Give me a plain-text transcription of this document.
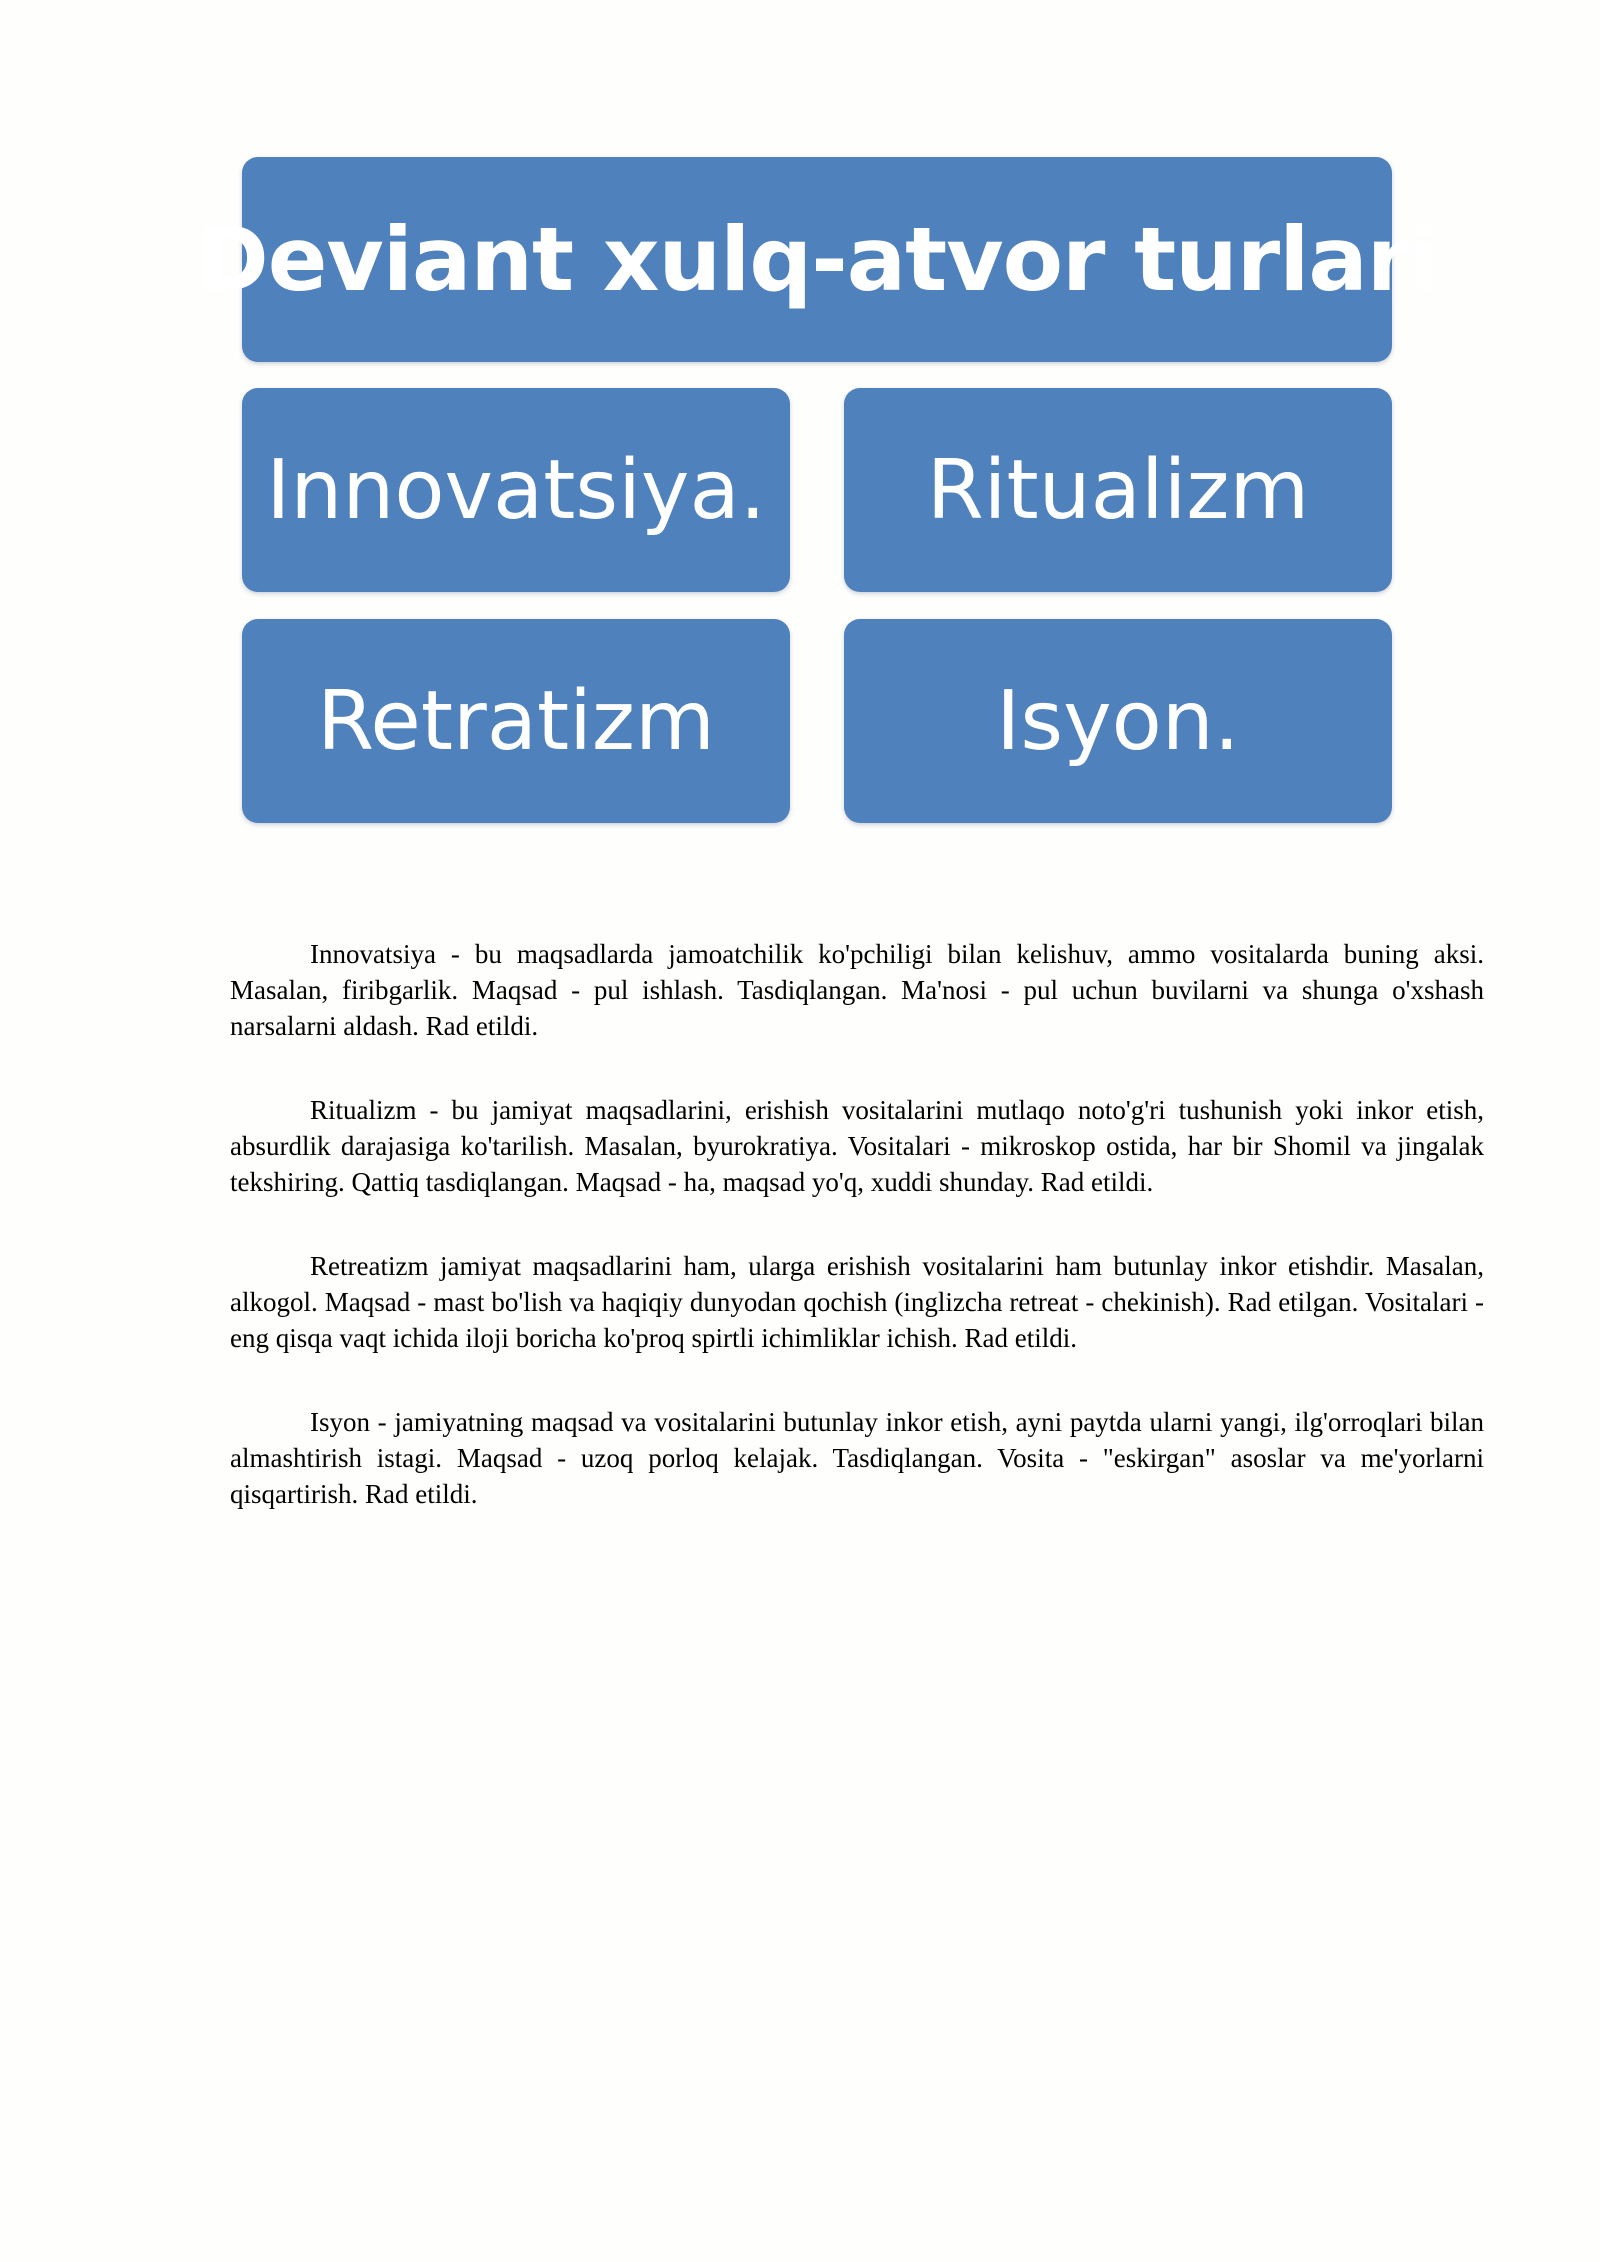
Deviant xulq-atvor turlari
Innovatsiya.	Ritualizm
Retratizm	Isyon.

Innovatsiya - bu maqsadlarda jamoatchilik ko'pchiligi bilan kelishuv, ammo vositalarda buning aksi. Masalan, firibgarlik. Maqsad - pul ishlash. Tasdiqlangan. Ma'nosi - pul uchun buvilarni va shunga o'xshash narsalarni aldash. Rad etildi.

Ritualizm - bu jamiyat maqsadlarini, erishish vositalarini mutlaqo noto'g'ri tushunish yoki inkor etish, absurdlik darajasiga ko'tarilish. Masalan, byurokratiya. Vositalari - mikroskop ostida, har bir Shomil va jingalak tekshiring. Qattiq tasdiqlangan. Maqsad - ha, maqsad yo'q, xuddi shunday. Rad etildi.

Retreatizm jamiyat maqsadlarini ham, ularga erishish vositalarini ham butunlay inkor etishdir. Masalan, alkogol. Maqsad - mast bo'lish va haqiqiy dunyodan qochish (inglizcha retreat - chekinish). Rad etilgan. Vositalari - eng qisqa vaqt ichida iloji boricha ko'proq spirtli ichimliklar ichish. Rad etildi.

Isyon - jamiyatning maqsad va vositalarini butunlay inkor etish, ayni paytda ularni yangi, ilg'orroqlari bilan almashtirish istagi. Maqsad - uzoq porloq kelajak. Tasdiqlangan. Vosita - "eskirgan" asoslar va me'yorlarni qisqartirish. Rad etildi.
